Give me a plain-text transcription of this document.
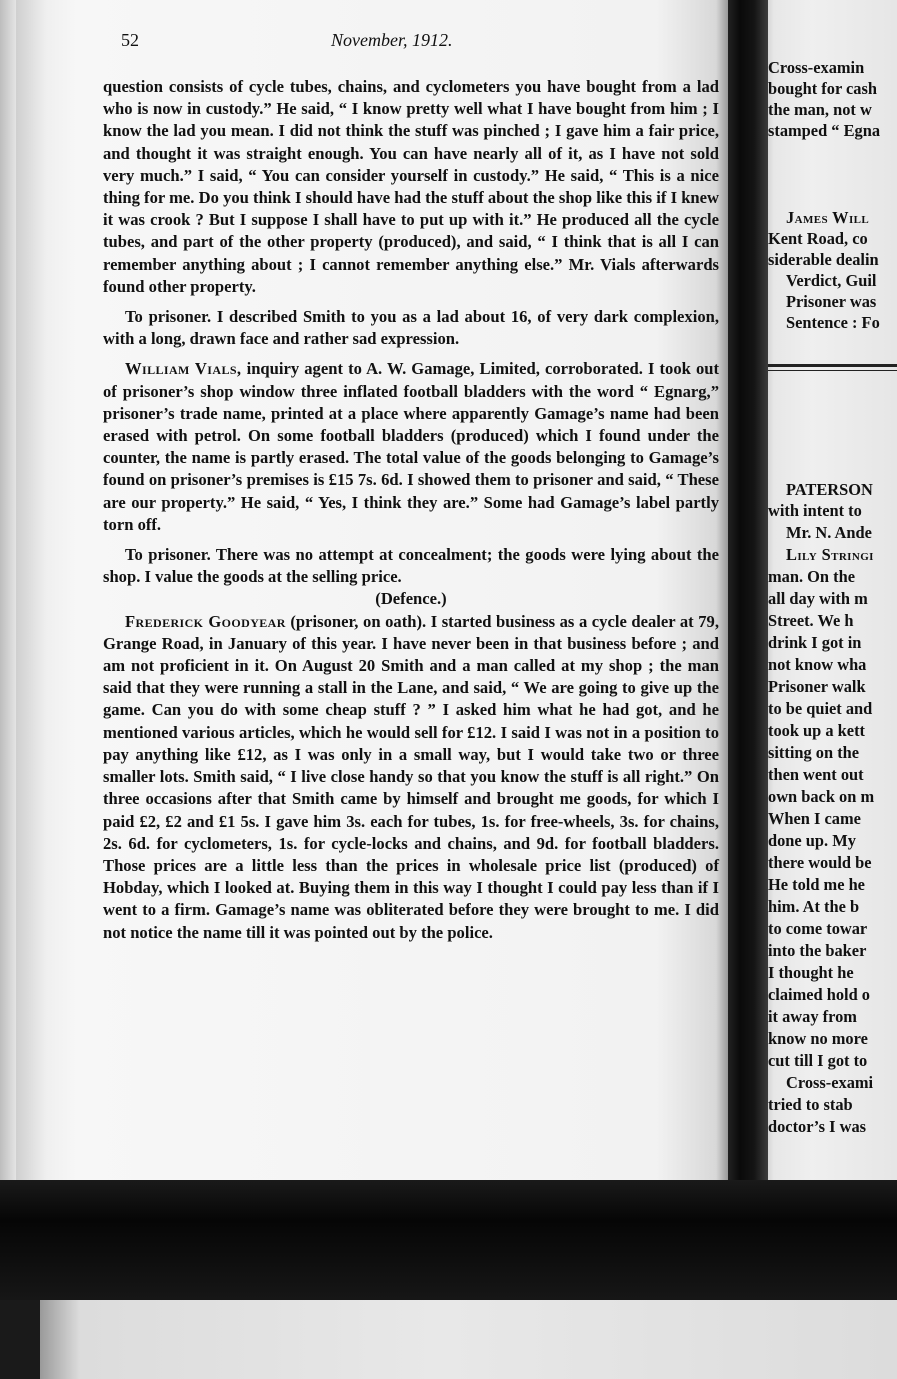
52	November, 1912.

question consists of cycle tubes, chains, and cyclometers you have bought from a lad who is now in custody.” He said, “ I know pretty well what I have bought from him ; I know the lad you mean. I did not think the stuff was pinched ; I gave him a fair price, and thought it was straight enough. You can have nearly all of it, as I have not sold very much.” I said, “ You can consider yourself in custody.” He said, “ This is a nice thing for me. Do you think I should have had the stuff about the shop like this if I knew it was crook ? But I suppose I shall have to put up with it.” He produced all the cycle tubes, and part of the other property (produced), and said, “ I think that is all I can remember anything about ; I cannot remember anything else.” Mr. Vials afterwards found other property.

To prisoner. I described Smith to you as a lad about 16, of very dark complexion, with a long, drawn face and rather sad expression.

William Vials, inquiry agent to A. W. Gamage, Limited, corroborated. I took out of prisoner’s shop window three inflated football bladders with the word “ Egnarg,” prisoner’s trade name, printed at a place where apparently Gamage’s name had been erased with petrol. On some football bladders (produced) which I found under the counter, the name is partly erased. The total value of the goods belonging to Gamage’s found on prisoner’s premises is £15 7s. 6d. I showed them to prisoner and said, “ These are our property.” He said, “ Yes, I think they are.” Some had Gamage’s label partly torn off.

To prisoner. There was no attempt at concealment; the goods were lying about the shop. I value the goods at the selling price.

(Defence.)

Frederick Goodyear (prisoner, on oath). I started business as a cycle dealer at 79, Grange Road, in January of this year. I have never been in that business before ; and am not proficient in it. On August 20 Smith and a man called at my shop ; the man said that they were running a stall in the Lane, and said, “ We are going to give up the game. Can you do with some cheap stuff ? ” I asked him what he had got, and he mentioned various articles, which he would sell for £12. I said I was not in a position to pay anything like £12, as I was only in a small way, but I would take two or three smaller lots. Smith said, “ I live close handy so that you know the stuff is all right.” On three occasions after that Smith came by himself and brought me goods, for which I paid £2, £2 and £1 5s. I gave him 3s. each for tubes, 1s. for free-wheels, 3s. for chains, 2s. 6d. for cyclometers, 1s. for cycle-locks and chains, and 9d. for football bladders. Those prices are a little less than the prices in wholesale price list (produced) of Hobday, which I looked at. Buying them in this way I thought I could pay less than if I went to a firm. Gamage’s name was obliterated before they were brought to me. I did not notice the name till it was pointed out by the police.

Cross-examin
bought for cash
the man, not w
stamped “ Egna
James Will
Kent Road, co
siderable dealin
Verdict, Guil
Prisoner was
Sentence : Fo
PATERSON
with intent to
Mr. N. Ande
Lily Stringi
man. On the
all day with m
Street. We h
drink I got in
not know wha
Prisoner walk
to be quiet and
took up a kett
sitting on the
then went out
own back on m
When I came
done up. My
there would be
He told me he
him. At the b
to come towar
into the baker
I thought he
claimed hold o
it away from
know no more
cut till I got to
Cross-exami
tried to stab
doctor’s I was
